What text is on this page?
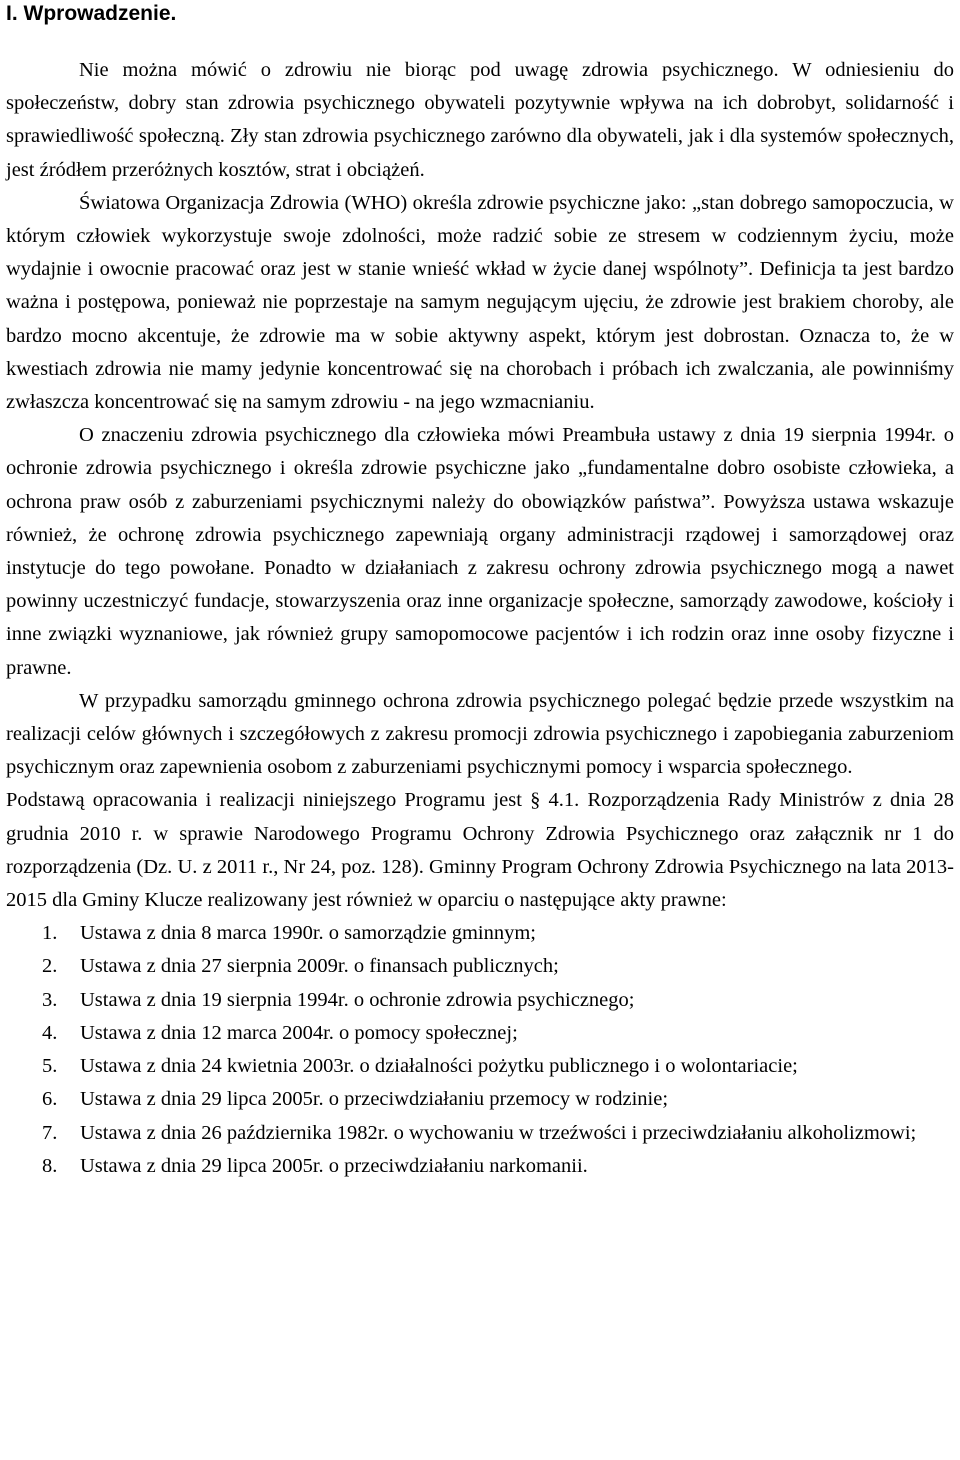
I. Wprowadzenie.

Nie można mówić o zdrowiu nie biorąc pod uwagę zdrowia psychicznego. W odniesieniu do społeczeństw, dobry stan zdrowia psychicznego obywateli pozytywnie wpływa na ich dobrobyt, solidarność i sprawiedliwość społeczną. Zły stan zdrowia psychicznego zarówno dla obywateli, jak i dla systemów społecznych, jest źródłem przeróżnych kosztów, strat i obciążeń.

Światowa Organizacja Zdrowia (WHO) określa zdrowie psychiczne jako: „stan dobrego samopoczucia, w którym człowiek wykorzystuje swoje zdolności, może radzić sobie ze stresem w codziennym życiu, może wydajnie i owocnie pracować oraz jest w stanie wnieść wkład w życie danej wspólnoty”. Definicja ta jest bardzo ważna i postępowa, ponieważ nie poprzestaje na samym negującym ujęciu, że zdrowie jest brakiem choroby, ale bardzo mocno akcentuje, że zdrowie ma w sobie aktywny aspekt, którym jest dobrostan. Oznacza to, że w kwestiach zdrowia nie mamy jedynie koncentrować się na chorobach i próbach ich zwalczania, ale powinniśmy zwłaszcza koncentrować się na samym zdrowiu - na jego wzmacnianiu.

O znaczeniu zdrowia psychicznego dla człowieka mówi Preambuła ustawy z dnia 19 sierpnia 1994r. o ochronie zdrowia psychicznego i określa zdrowie psychiczne jako „fundamentalne dobro osobiste człowieka, a ochrona praw osób z zaburzeniami psychicznymi należy do obowiązków państwa”. Powyższa ustawa wskazuje również, że ochronę zdrowia psychicznego zapewniają organy administracji rządowej i samorządowej oraz instytucje do tego powołane. Ponadto w działaniach z zakresu ochrony zdrowia psychicznego mogą a nawet powinny uczestniczyć fundacje, stowarzyszenia oraz inne organizacje społeczne, samorządy zawodowe, kościoły i inne związki wyznaniowe, jak również grupy samopomocowe pacjentów i ich rodzin oraz inne osoby fizyczne i prawne.

W przypadku samorządu gminnego ochrona zdrowia psychicznego polegać będzie przede wszystkim na realizacji celów głównych i szczegółowych z zakresu promocji zdrowia psychicznego i zapobiegania zaburzeniom psychicznym oraz zapewnienia osobom z zaburzeniami psychicznymi pomocy i wsparcia społecznego.

Podstawą opracowania i realizacji niniejszego Programu jest § 4.1. Rozporządzenia Rady Ministrów z dnia 28 grudnia 2010 r. w sprawie Narodowego Programu Ochrony Zdrowia Psychicznego oraz załącznik nr 1 do rozporządzenia (Dz. U. z 2011 r., Nr 24, poz. 128). Gminny Program Ochrony Zdrowia Psychicznego na lata 2013-2015 dla Gminy Klucze realizowany jest również w oparciu o następujące akty prawne:

1.	Ustawa z dnia 8 marca 1990r. o samorządzie gminnym;
2.	Ustawa z dnia 27 sierpnia 2009r. o finansach publicznych;
3.	Ustawa z dnia 19 sierpnia 1994r. o ochronie zdrowia psychicznego;
4.	Ustawa z dnia 12 marca 2004r. o pomocy społecznej;
5.	Ustawa z dnia 24 kwietnia 2003r. o działalności pożytku publicznego i o wolontariacie;
6.	Ustawa z dnia 29 lipca 2005r. o przeciwdziałaniu przemocy w rodzinie;
7.	Ustawa z dnia 26 października 1982r. o wychowaniu w trzeźwości i przeciwdziałaniu alkoholizmowi;
8.	Ustawa z dnia 29 lipca 2005r. o przeciwdziałaniu narkomanii.
